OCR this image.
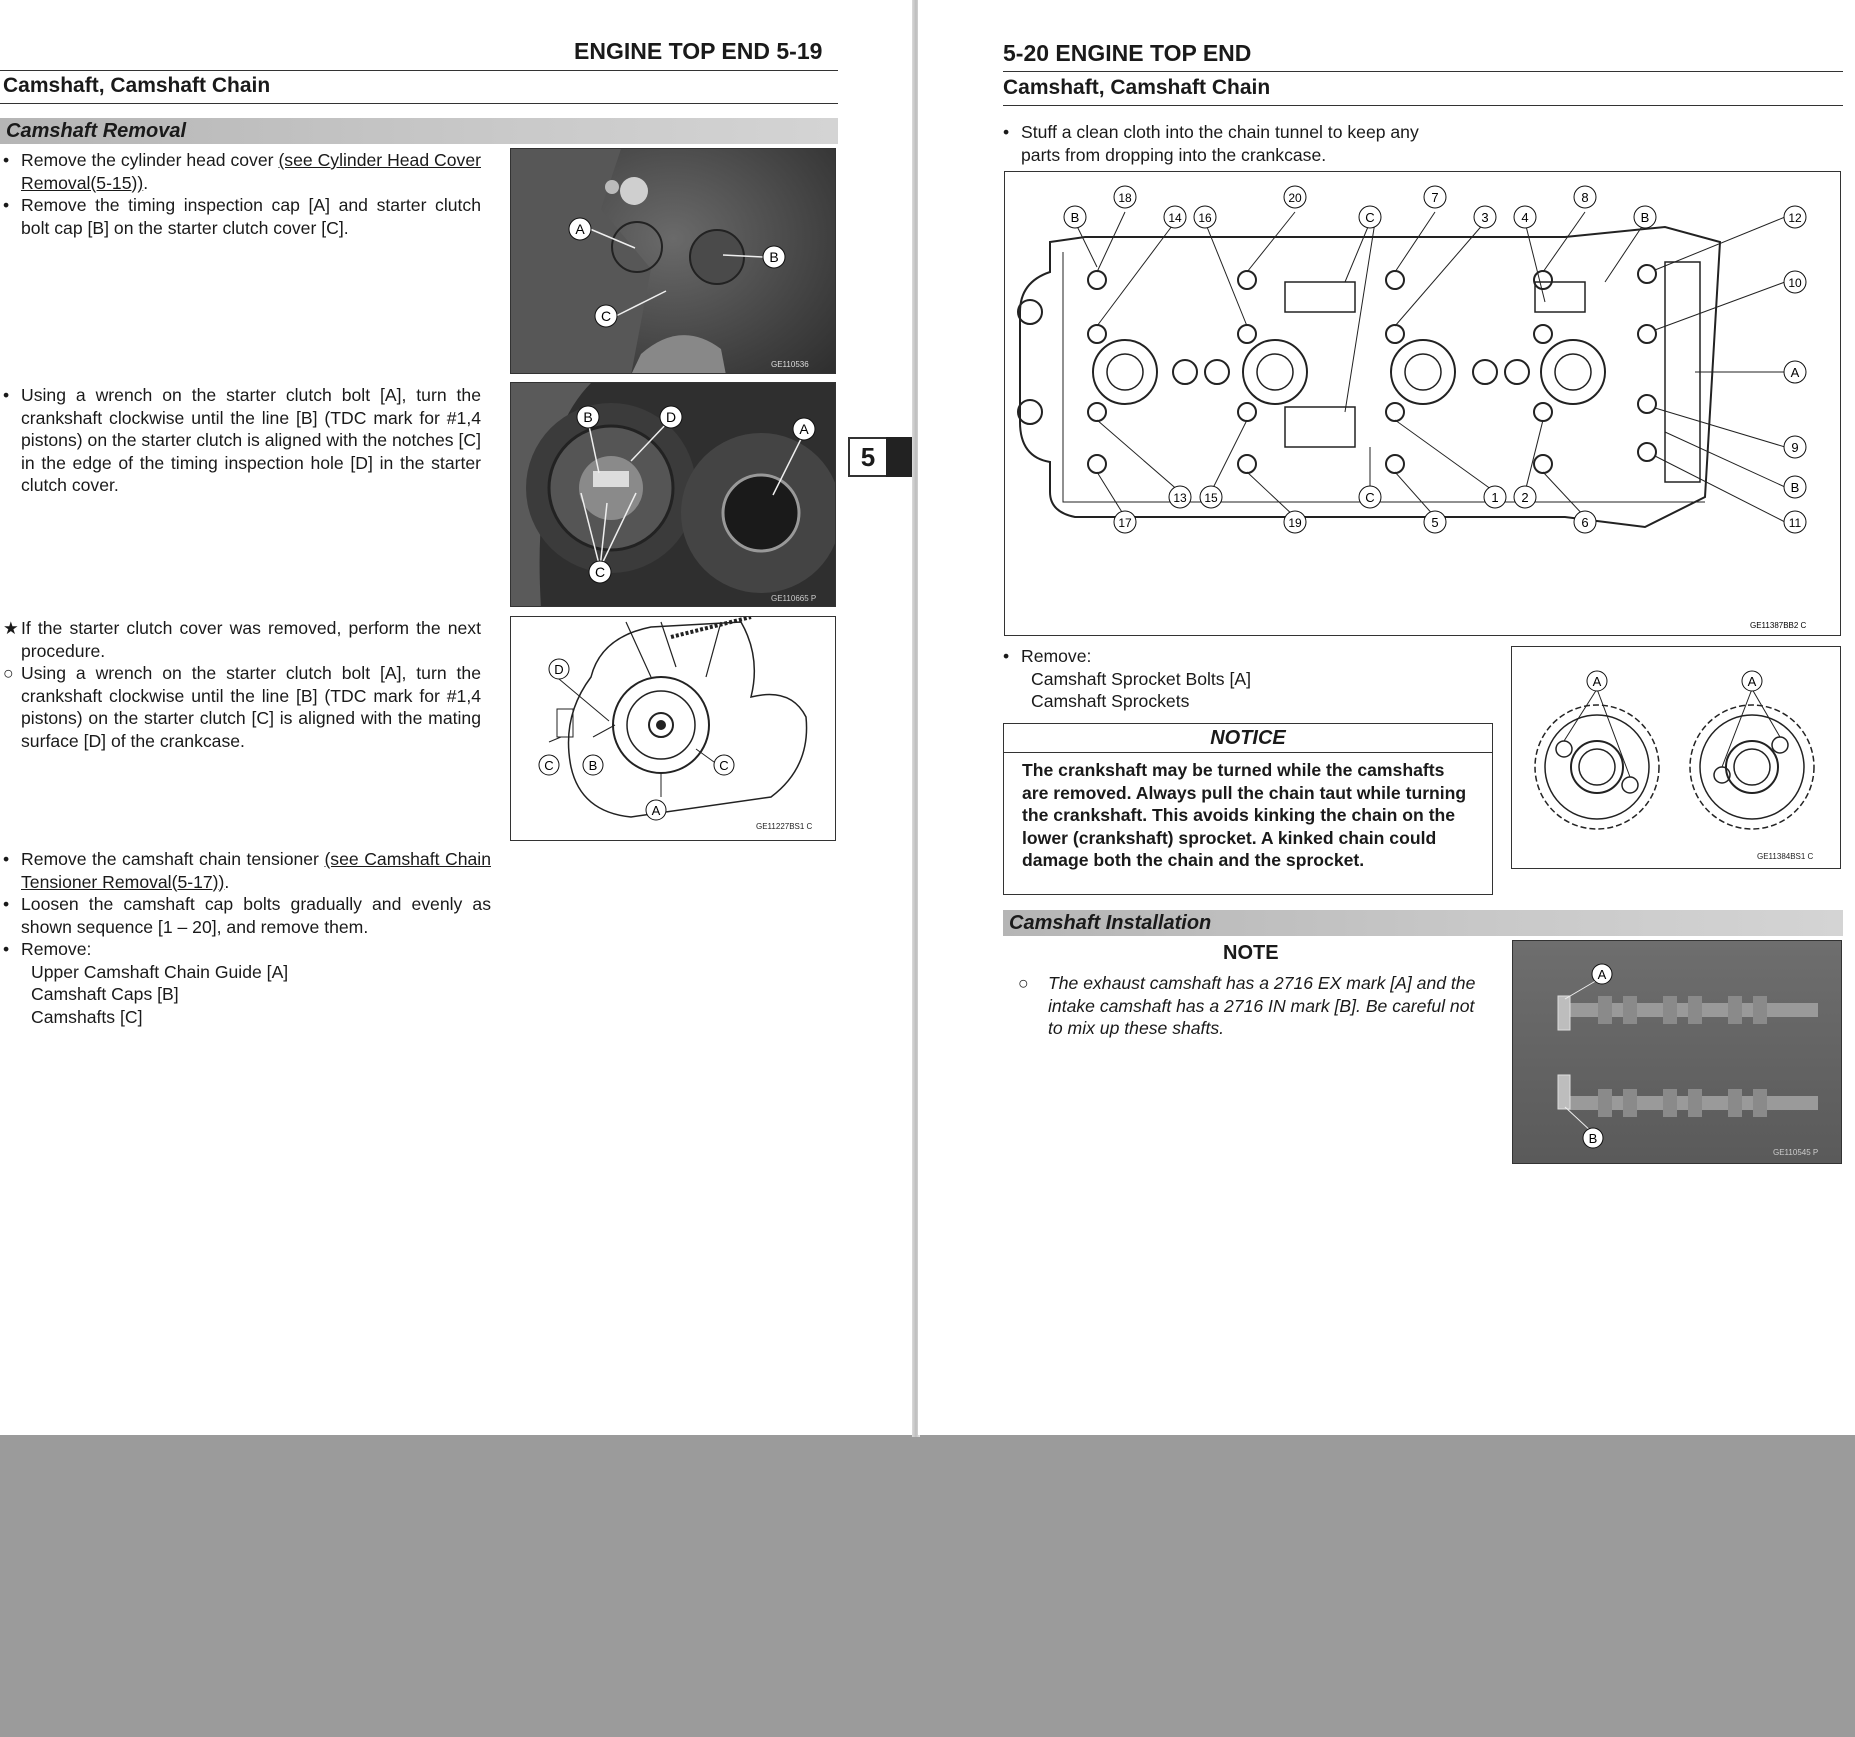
ENGINE TOP END 5-19
Camshaft, Camshaft Chain
Camshaft Removal
• Remove the cylinder head cover (see Cylinder Head Cover Removal(5-15)).
• Remove the timing inspection cap [A] and starter clutch bolt cap [B] on the starter clutch cover [C].	A
B
C
GE110536
• Using a wrench on the starter clutch bolt [A], turn the crankshaft clockwise until the line [B] (TDC mark for #1,4 pistons) on the starter clutch is aligned with the notches [C] in the edge of the timing inspection hole [D] in the starter clutch cover.
B	D
A
C
GE110665 P
5
★ If the starter clutch cover was removed, perform the next procedure.
○ Using a wrench on the starter clutch bolt [A], turn the crankshaft clockwise until the line [B] (TDC mark for #1,4 pistons) on the starter clutch [C] is aligned with the mating surface [D] of the crankcase.
D
C	B	C
A
GE11227BS1 C
• Remove the camshaft chain tensioner (see Camshaft Chain Tensioner Removal(5-17)).
• Loosen the camshaft cap bolts gradually and evenly as shown sequence [1 – 20], and remove them.
• Remove:
Upper Camshaft Chain Guide [A]
Camshaft Caps [B]
Camshafts [C]
5-20 ENGINE TOP END
Camshaft, Camshaft Chain
• Stuff a clean cloth into the chain tunnel to keep any parts from dropping into the crankcase.
B
18
14 16
20
C
7
3	4
8
B	12
10
A
9
B
11
17
13 15
19
C
5
1 2
6
GE11387BB2 C
• Remove:
Camshaft Sprocket Bolts [A]
Camshaft Sprockets
NOTICE
The crankshaft may be turned while the camshafts are removed. Always pull the chain taut while turning the crankshaft. This avoids kinking the chain on the lower (crankshaft) sprocket. A kinked chain could damage both the chain and the sprocket.
A	A
GE11384BS1 C
Camshaft Installation
NOTE
○	The exhaust camshaft has a 2716 EX mark [A] and the intake camshaft has a 2716 IN mark [B]. Be careful not to mix up these shafts.
A
B
GE110545 P
